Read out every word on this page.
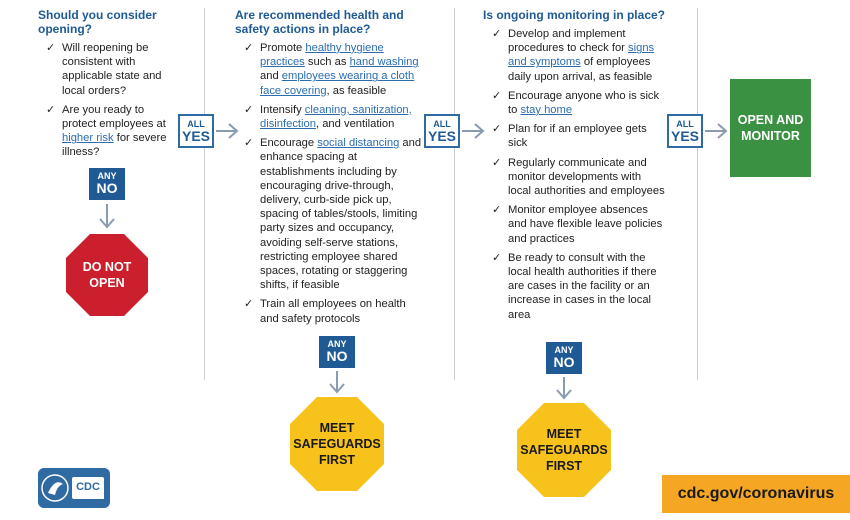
Should you consider opening?
✓ Will reopening be consistent with applicable state and local orders?
✓ Are you ready to protect employees at higher risk for severe illness?
ANY
NO
DO NOT OPEN
ALL
YES
Are recommended health and safety actions in place?
✓ Promote healthy hygiene practices such as hand washing and employees wearing a cloth face covering, as feasible
✓ Intensify cleaning, sanitization, disinfection, and ventilation
✓ Encourage social distancing and enhance spacing at establishments including by encouraging drive-through, delivery, curb-side pick up, spacing of tables/stools, limiting party sizes and occupancy, avoiding self-serve stations, restricting employee shared spaces, rotating or staggering shifts, if feasible
✓ Train all employees on health and safety protocols
ANY
NO
MEET SAFEGUARDS FIRST
ALL
YES
Is ongoing monitoring in place?
✓ Develop and implement procedures to check for signs and symptoms of employees daily upon arrival, as feasible
✓ Encourage anyone who is sick to stay home
✓ Plan for if an employee gets sick
✓ Regularly communicate and monitor developments with local authorities and employees
✓ Monitor employee absences and have flexible leave policies and practices
✓ Be ready to consult with the local health authorities if there are cases in the facility or an increase in cases in the local area
ANY
NO
MEET SAFEGUARDS FIRST
ALL
YES
OPEN AND MONITOR
CDC	cdc.gov/coronavirus
